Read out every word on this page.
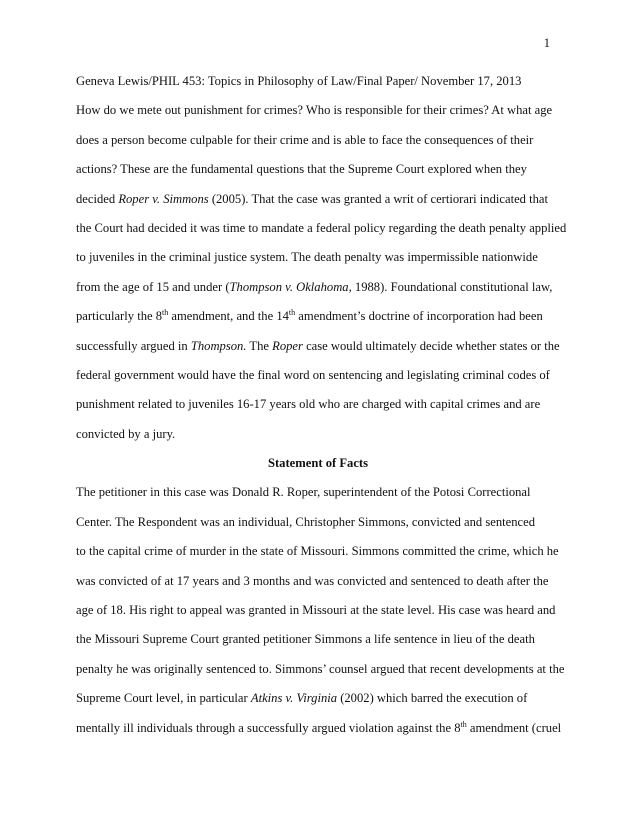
1
Geneva Lewis/PHIL 453: Topics in Philosophy of Law/Final Paper/ November 17, 2013
How do we mete out punishment for crimes? Who is responsible for their crimes? At what age
does a person become culpable for their crime and is able to face the consequences of their
actions? These are the fundamental questions that the Supreme Court explored when they
decided Roper v. Simmons (2005). That the case was granted a writ of certiorari indicated that
the Court had decided it was time to mandate a federal policy regarding the death penalty applied
to juveniles in the criminal justice system. The death penalty was impermissible nationwide
from the age of 15 and under (Thompson v. Oklahoma, 1988). Foundational constitutional law,
particularly the 8th amendment, and the 14th amendment’s doctrine of incorporation had been
successfully argued in Thompson. The Roper case would ultimately decide whether states or the
federal government would have the final word on sentencing and legislating criminal codes of
punishment related to juveniles 16-17 years old who are charged with capital crimes and are
convicted by a jury.
Statement of Facts
The petitioner in this case was Donald R. Roper, superintendent of the Potosi Correctional
Center. The Respondent was an individual, Christopher Simmons, convicted and sentenced
to the capital crime of murder in the state of Missouri. Simmons committed the crime, which he
was convicted of at 17 years and 3 months and was convicted and sentenced to death after the
age of 18. His right to appeal was granted in Missouri at the state level. His case was heard and
the Missouri Supreme Court granted petitioner Simmons a life sentence in lieu of the death
penalty he was originally sentenced to. Simmons’ counsel argued that recent developments at the
Supreme Court level, in particular Atkins v. Virginia (2002) which barred the execution of
mentally ill individuals through a successfully argued violation against the 8th amendment (cruel
